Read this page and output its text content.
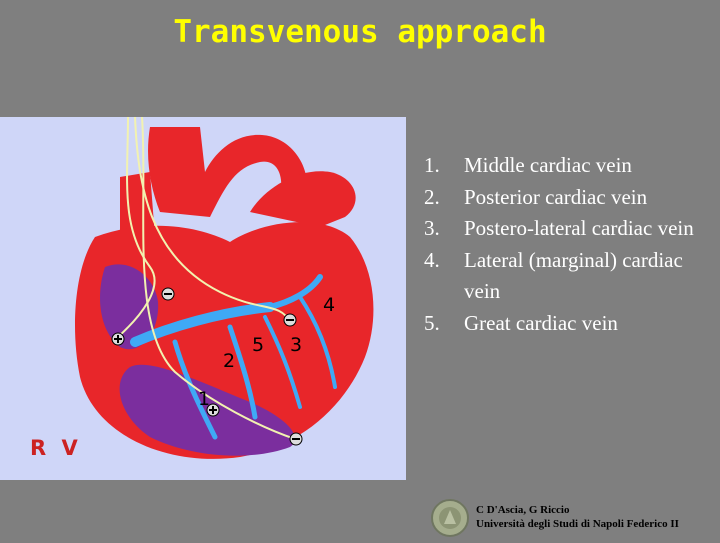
Transvenous approach
4
5 3
2
1
R V
1.	Middle cardiac vein
2.	Posterior cardiac vein
3.	Postero-lateral cardiac vein
4.	Lateral (marginal) cardiac vein
5.	Great cardiac vein
C D'Ascia, G Riccio
Università degli Studi di Napoli Federico II
